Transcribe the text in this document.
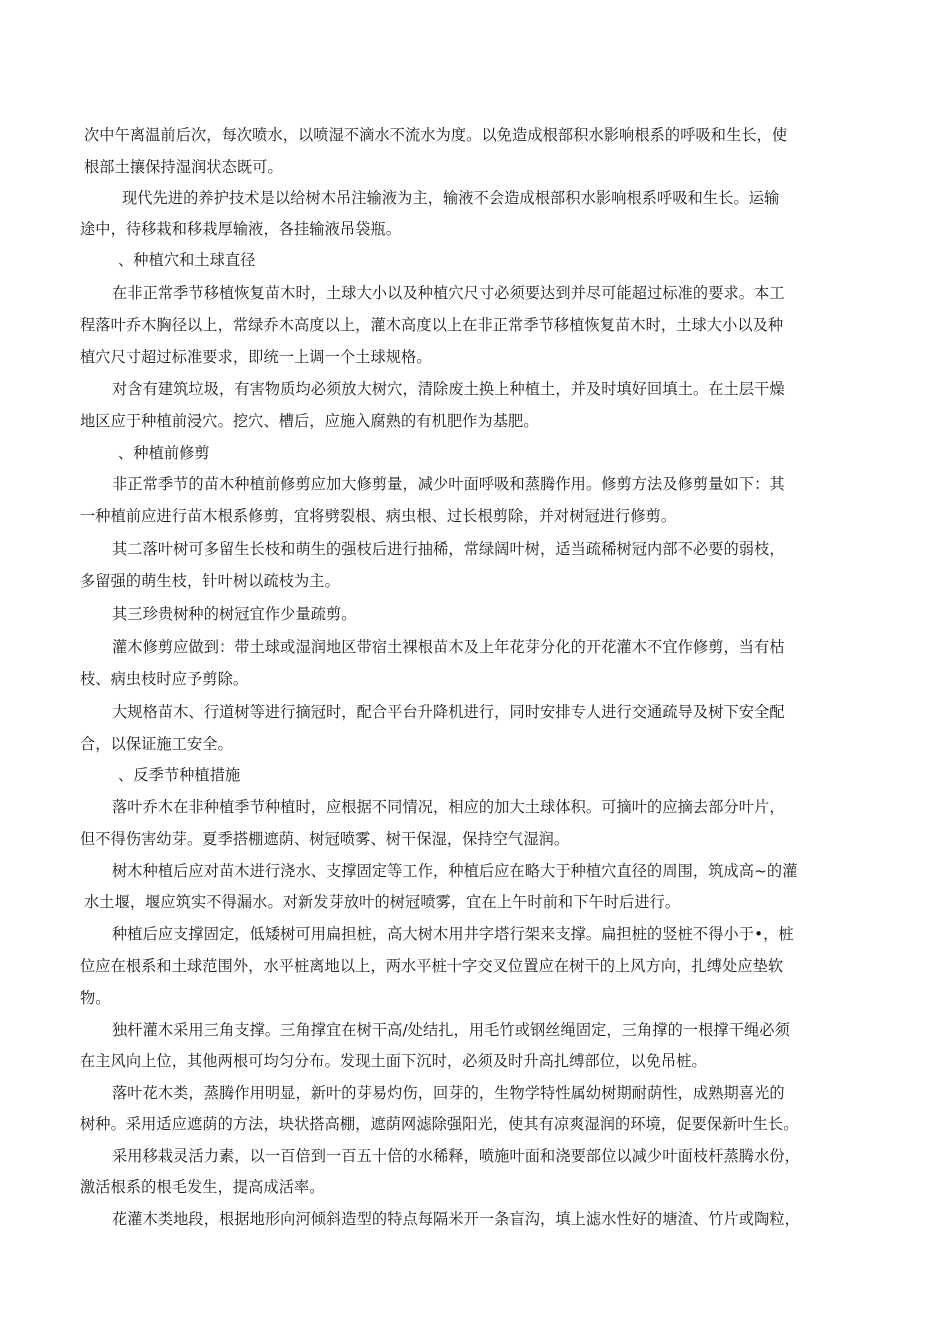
次中午离温前后次，每次喷水，以喷湿不滴水不流水为度。以免造成根部积水影响根系的呼吸和生长，使
根部土攘保持湿润状态既可。
现代先进的养护技术是以给树木吊注输液为主，输液不会造成根部积水影响根系呼吸和生长。运输
途中，待移栽和移栽厚输液，各挂输液吊袋瓶。
、种植穴和土球直径
在非正常季节移植恢复苗木时，土球大小以及种植穴尺寸必须要达到并尽可能超过标准的要求。本工
程落叶乔木胸径以上，常绿乔木高度以上，灌木高度以上在非正常季节移植恢复苗木时，土球大小以及种
植穴尺寸超过标准要求，即统一上调一个土球规格。
对含有建筑垃圾，有害物质均必须放大树穴，清除废土换上种植土，并及时填好回填土。在土层干燥
地区应于种植前浸穴。挖穴、槽后，应施入腐熟的有机肥作为基肥。
、种植前修剪
非正常季节的苗木种植前修剪应加大修剪量，减少叶面呼吸和蒸腾作用。修剪方法及修剪量如下：其
一种植前应进行苗木根系修剪，宜将劈裂根、病虫根、过长根剪除，并对树冠进行修剪。
其二落叶树可多留生长枝和萌生的强枝后进行抽稀，常绿阔叶树，适当疏稀树冠内部不必要的弱枝，
多留强的萌生枝，针叶树以疏枝为主。
其三珍贵树种的树冠宜作少量疏剪。
灌木修剪应做到：带土球或湿润地区带宿土裸根苗木及上年花芽分化的开花灌木不宜作修剪，当有枯
枝、病虫枝时应予剪除。
大规格苗木、行道树等进行摘冠时，配合平台升降机进行，同时安排专人进行交通疏导及树下安全配
合，以保证施工安全。
、反季节种植措施
落叶乔木在非种植季节种植时，应根据不同情况，相应的加大土球体积。可摘叶的应摘去部分叶片，
但不得伤害幼芽。夏季搭棚遮荫、树冠喷雾、树干保湿，保持空气湿润。
树木种植后应对苗木进行浇水、支撑固定等工作，种植后应在略大于种植穴直径的周围，筑成高~的灌
水土堰，堰应筑实不得漏水。对新发芽放叶的树冠喷雾，宜在上午时前和下午时后进行。
种植后应支撑固定，低矮树可用扁担桩，高大树木用井字塔行架来支撑。扁担桩的竖桩不得小于•，桩
位应在根系和土球范围外，水平桩离地以上，两水平桩十字交叉位置应在树干的上风方向，扎缚处应垫软
物。
独杆灌木采用三角支撑。三角撑宜在树干高/处结扎，用毛竹或钢丝绳固定，三角撑的一根撑干绳必须
在主风向上位，其他两根可均匀分布。发现土面下沉时，必须及时升高扎缚部位，以免吊桩。
落叶花木类，蒸腾作用明显，新叶的芽易灼伤，回芽的，生物学特性属幼树期耐荫性，成熟期喜光的
树种。采用适应遮荫的方法，块状搭高棚，遮荫网滤除强阳光，使其有凉爽湿润的环境，促要保新叶生长。
采用移栽灵活力素，以一百倍到一百五十倍的水稀释，喷施叶面和浇要部位以减少叶面枝杆蒸腾水份，
激活根系的根毛发生，提高成活率。
花灌木类地段，根据地形向河倾斜造型的特点每隔米开一条盲沟，填上滤水性好的塘渣、竹片或陶粒，
